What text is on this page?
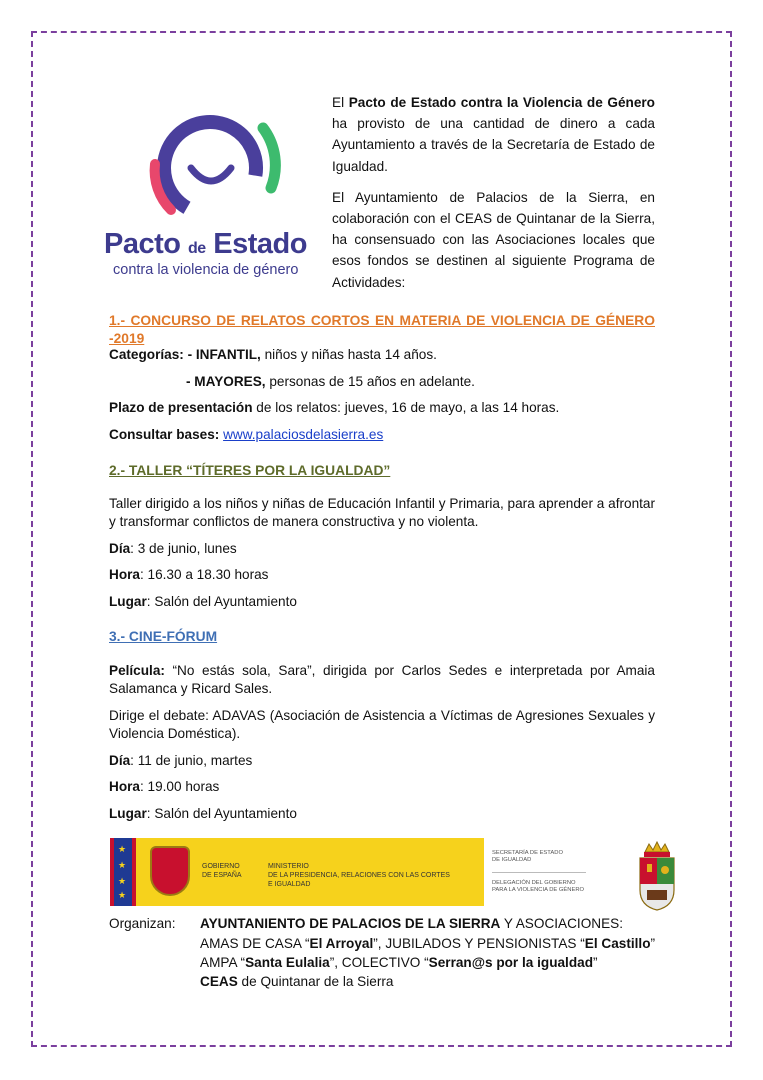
Pacto de Estado
contra la violencia de género

El Pacto de Estado contra la Violencia de Género ha provisto de una cantidad de dinero a cada Ayuntamiento a través de la Secretaría de Estado de Igualdad.

El Ayuntamiento de Palacios de la Sierra, en colaboración con el CEAS de Quintanar de la Sierra, ha consensuado con las Asociaciones locales que esos fondos se destinen al siguiente Programa de Actividades:

1.- CONCURSO DE RELATOS CORTOS EN MATERIA DE VIOLENCIA DE GÉNERO -2019
Categorías: - INFANTIL, niños y niñas hasta 14 años.
- MAYORES, personas de 15 años en adelante.
Plazo de presentación de los relatos: jueves, 16 de mayo, a las 14 horas.
Consultar bases: www.palaciosdelasierra.es
2.- TALLER “TÍTERES POR LA IGUALDAD”
Taller dirigido a los niños y niñas de Educación Infantil y Primaria, para aprender a afrontar y transformar conflictos de manera constructiva y no violenta.
Día: 3 de junio, lunes
Hora: 16.30 a 18.30 horas
Lugar: Salón del Ayuntamiento
3.- CINE-FÓRUM
Película: “No estás sola, Sara”, dirigida por Carlos Sedes e interpretada por Amaia Salamanca y Ricard Sales.
Dirige el debate: ADAVAS (Asociación de Asistencia a Víctimas de Agresiones Sexuales y Violencia Doméstica).
Día: 11 de junio, martes
Hora: 19.00 horas
Lugar: Salón del Ayuntamiento
★
★
★
★
GOBIERNO
DE ESPAÑA
MINISTERIO
DE LA PRESIDENCIA, RELACIONES CON LAS CORTES
E IGUALDAD
SECRETARÍA DE ESTADO
DE IGUALDAD
DELEGACIÓN DEL GOBIERNO
PARA LA VIOLENCIA DE GÉNERO
Organizan: AYUNTANIENTO DE PALACIOS DE LA SIERRA Y ASOCIACIONES:
AMAS DE CASA “El Arroyal”, JUBILADOS Y PENSIONISTAS “El Castillo”
AMPA “Santa Eulalia”, COLECTIVO “Serran@s por la igualdad”
CEAS de Quintanar de la Sierra
